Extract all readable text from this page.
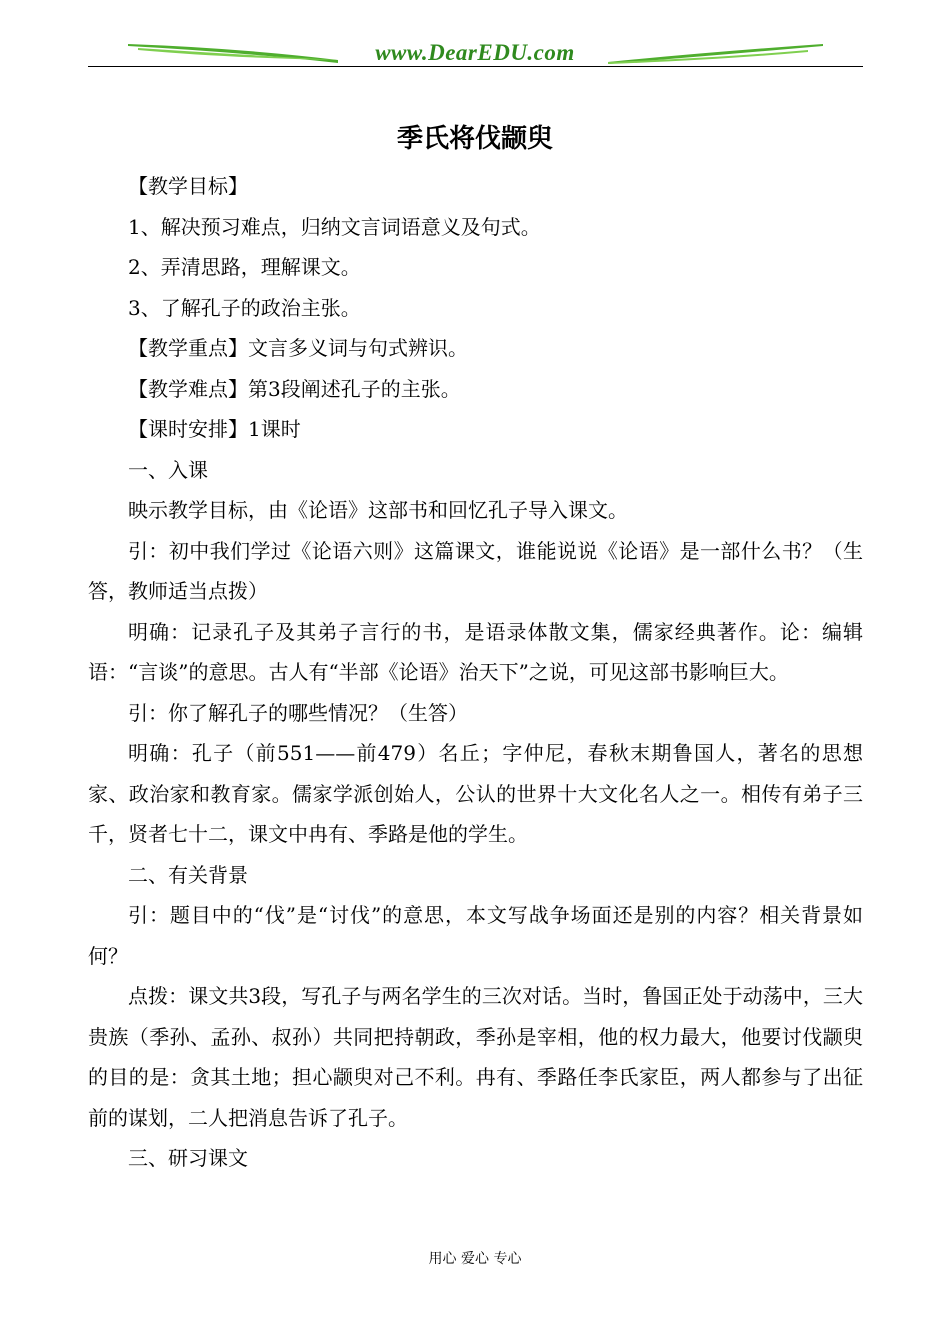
www.DearEDU.com
季氏将伐颛臾

【教学目标】

1、解决预习难点，归纳文言词语意义及句式。

2、弄清思路，理解课文。

3、了解孔子的政治主张。

【教学重点】文言多义词与句式辨识。

【教学难点】第3段阐述孔子的主张。

【课时安排】1课时

一、入课

映示教学目标，由《论语》这部书和回忆孔子导入课文。

引：初中我们学过《论语六则》这篇课文，谁能说说《论语》是一部什么书？（生答，教师适当点拨）

明确：记录孔子及其弟子言行的书，是语录体散文集，儒家经典著作。论：编辑语：“言谈”的意思。古人有“半部《论语》治天下”之说，可见这部书影响巨大。

引：你了解孔子的哪些情况？（生答）

明确：孔子（前551——前479）名丘；字仲尼，春秋末期鲁国人，著名的思想家、政治家和教育家。儒家学派创始人，公认的世界十大文化名人之一。相传有弟子三千，贤者七十二，课文中冉有、季路是他的学生。

二、有关背景

引：题目中的“伐”是“讨伐”的意思，本文写战争场面还是别的内容？相关背景如何？

点拨：课文共3段，写孔子与两名学生的三次对话。当时，鲁国正处于动荡中，三大贵族（季孙、孟孙、叔孙）共同把持朝政，季孙是宰相，他的权力最大，他要讨伐颛臾的目的是：贪其土地；担心颛臾对己不利。冉有、季路任李氏家臣，两人都参与了出征前的谋划，二人把消息告诉了孔子。

三、研习课文

用心 爱心 专心
